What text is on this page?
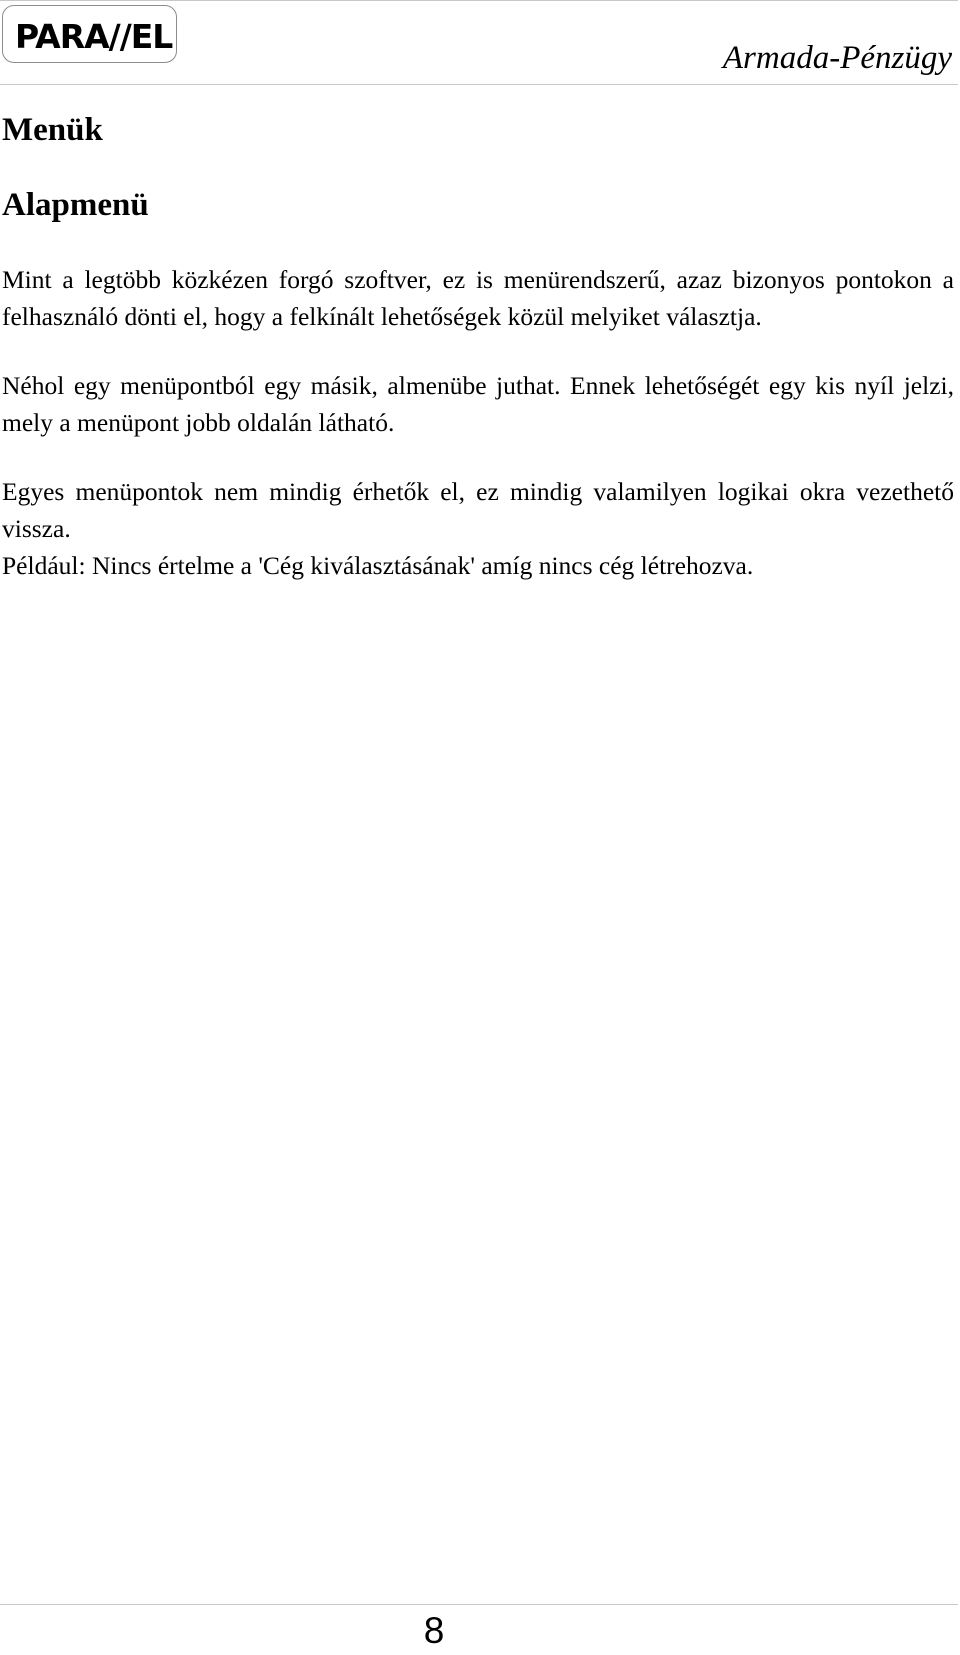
PARA//EL
Armada-Pénzügy
Menük
Alapmenü

Mint a legtöbb közkézen forgó szoftver, ez is menürendszerű, azaz bizonyos pontokon a felhasználó dönti el, hogy a felkínált lehetőségek közül melyiket választja.

Néhol egy menüpontból egy másik, almenübe juthat. Ennek lehetőségét egy kis nyíl jelzi, mely a menüpont jobb oldalán látható.

Egyes menüpontok nem mindig érhetők el, ez mindig valamilyen logikai okra vezethető vissza.

Például: Nincs értelme a 'Cég kiválasztásának' amíg nincs cég létrehozva.

8
